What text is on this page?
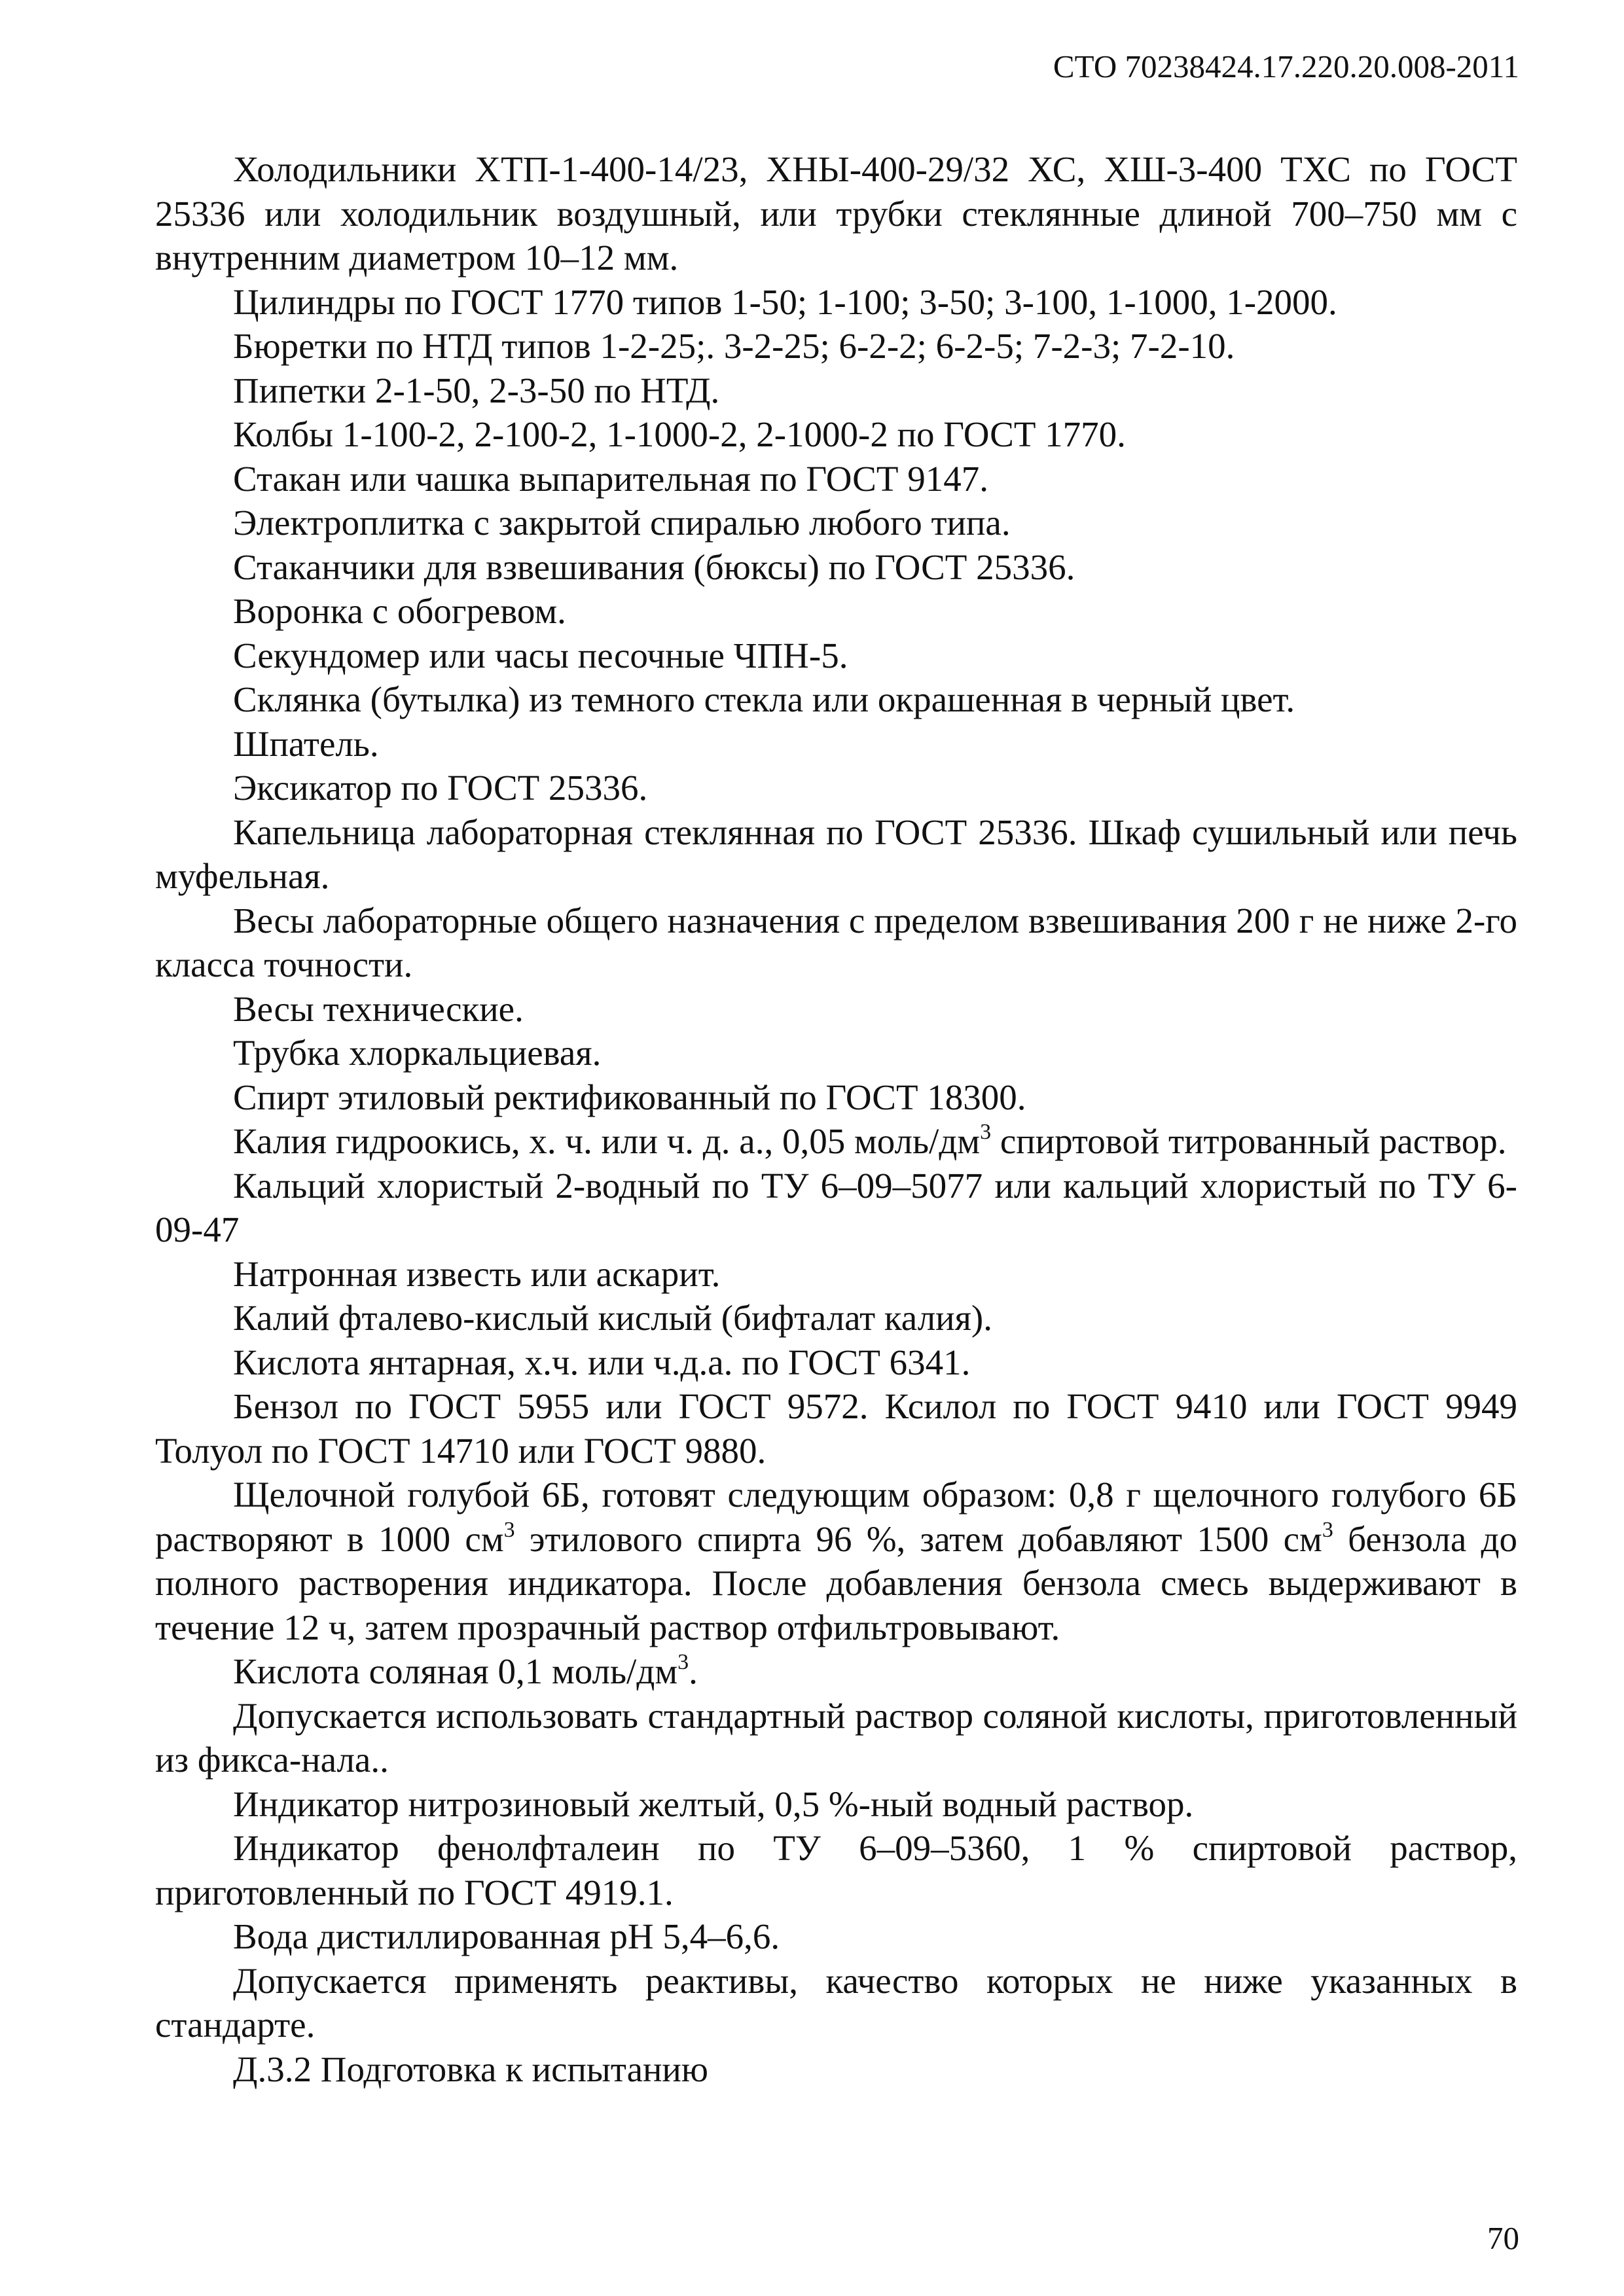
СТО 70238424.17.220.20.008-2011

Холодильники ХТП-1-400-14/23, ХНЫ-400-29/32 ХС, ХШ-3-400 ТХС по ГОСТ 25336 или холодильник воздушный, или трубки стеклянные длиной 700–750 мм с внутренним диаметром 10–12 мм.

Цилиндры по ГОСТ 1770 типов 1-50; 1-100; 3-50; 3-100, 1-1000, 1-2000.

Бюретки по НТД типов 1-2-25;. 3-2-25; 6-2-2; 6-2-5; 7-2-3; 7-2-10.

Пипетки 2-1-50, 2-3-50 по НТД.

Колбы 1-100-2, 2-100-2, 1-1000-2, 2-1000-2 по ГОСТ 1770.

Стакан или чашка выпарительная по ГОСТ 9147.

Электроплитка с закрытой спиралью любого типа.

Стаканчики для взвешивания (бюксы) по ГОСТ 25336.

Воронка с обогревом.

Секундомер или часы песочные ЧПН-5.

Склянка (бутылка) из темного стекла или окрашенная в черный цвет.

Шпатель.

Эксикатор по ГОСТ 25336.

Капельница лабораторная стеклянная по ГОСТ 25336. Шкаф сушильный или печь муфельная.

Весы лабораторные общего назначения с пределом взвешивания 200 г не ниже 2-го класса точности.

Весы технические.

Трубка хлоркальциевая.

Спирт этиловый ректификованный по ГОСТ 18300.

Калия гидроокись, х. ч. или ч. д. а., 0,05 моль/$дм^3$ спиртовой титрованный раствор.

Кальций хлористый 2-водный по ТУ 6–09–5077 или кальций хлористый по ТУ 6-09-47

Натронная известь или аскарит.

Калий фталево-кислый кислый (бифталат калия).

Кислота янтарная, х.ч. или ч.д.а. по ГОСТ 6341.

Бензол по ГОСТ 5955 или ГОСТ 9572. Ксилол по ГОСТ 9410 или ГОСТ 9949 Толуол по ГОСТ 14710 или ГОСТ 9880.

Щелочной голубой 6Б, готовят следующим образом: 0,8 г щелочного голубого 6Б растворяют в 1000 $см^3$ этилового спирта 96 %, затем добавляют 1500 $см^3$ бензола до полного растворения индикатора. После добавления бензола смесь выдерживают в течение 12 ч, затем прозрачный раствор отфильтровывают.

Кислота соляная 0,1 моль/$дм^3$.

Допускается использовать стандартный раствор соляной кислоты, приготовленный из фикса-нала..

Индикатор нитрозиновый желтый, 0,5 %-ный водный раствор.

Индикатор фенолфталеин по ТУ 6–09–5360, 1 % спиртовой раствор, приготовленный по ГОСТ 4919.1.

Вода дистиллированная pH 5,4–6,6.

Допускается применять реактивы, качество которых не ниже указанных в стандарте.

Д.3.2 Подготовка к испытанию

70
